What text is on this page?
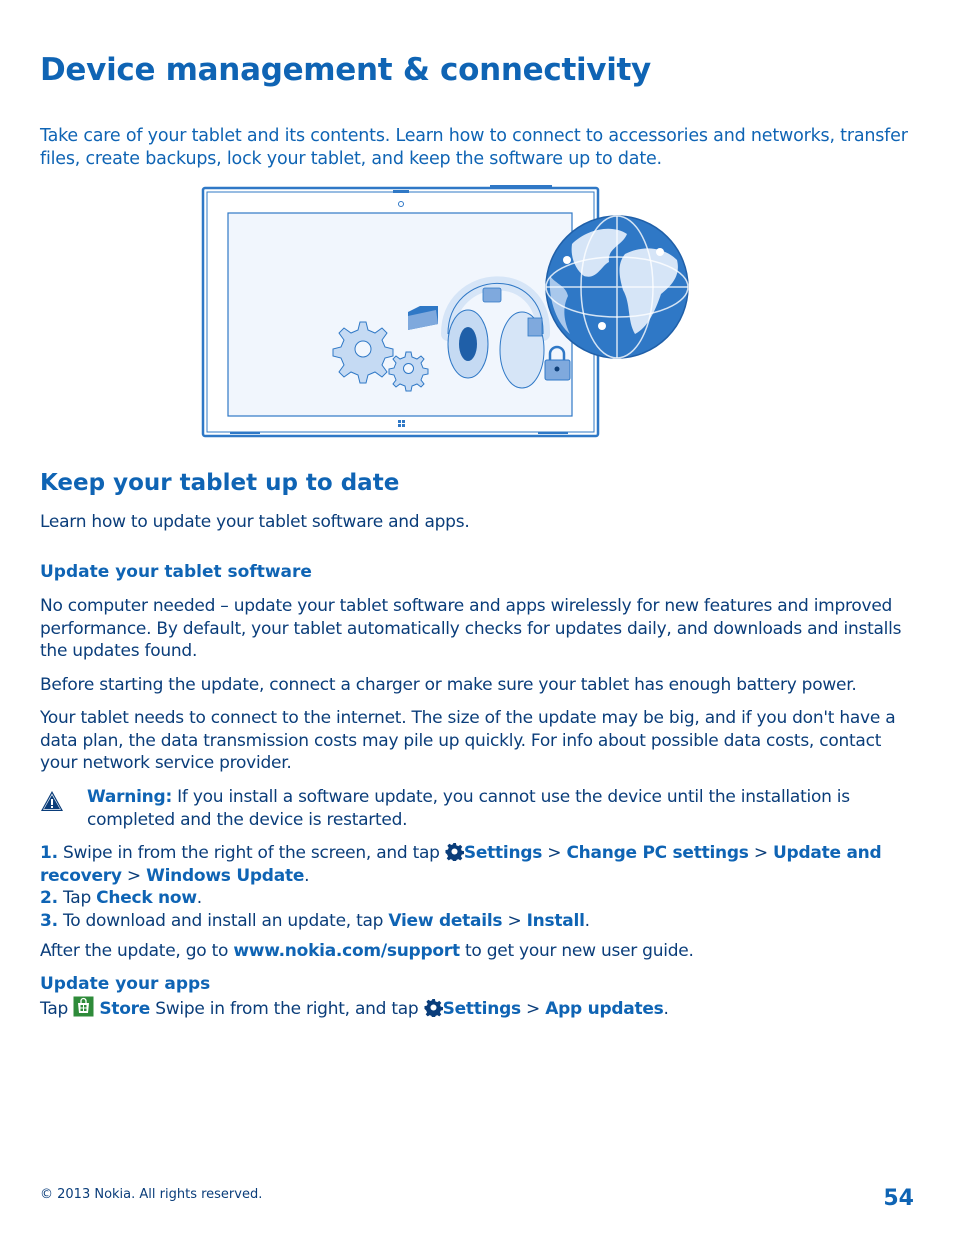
Device management & connectivity

Take care of your tablet and its contents. Learn how to connect to accessories and networks, transfer files, create backups, lock your tablet, and keep the software up to date.

Keep your tablet up to date

Learn how to update your tablet software and apps.

Update your tablet software

No computer needed – update your tablet software and apps wirelessly for new features and improved performance. By default, your tablet automatically checks for updates daily, and downloads and installs the updates found.

Before starting the update, connect a charger or make sure your tablet has enough battery power.

Your tablet needs to connect to the internet. The size of the update may be big, and if you don't have a data plan, the data transmission costs may pile up quickly. For info about possible data costs, contact your network service provider.

Warning: If you install a software update, you cannot use the device until the installation is completed and the device is restarted.

1. Swipe in from the right of the screen, and tap Settings > Change PC settings > Update and recovery > Windows Update.
2. Tap Check now.
3. To download and install an update, tap View details > Install.

After the update, go to www.nokia.com/support to get your new user guide.

Update your apps

Tap  Store Swipe in from the right, and tap Settings > App updates.

© 2013 Nokia. All rights reserved.	54
